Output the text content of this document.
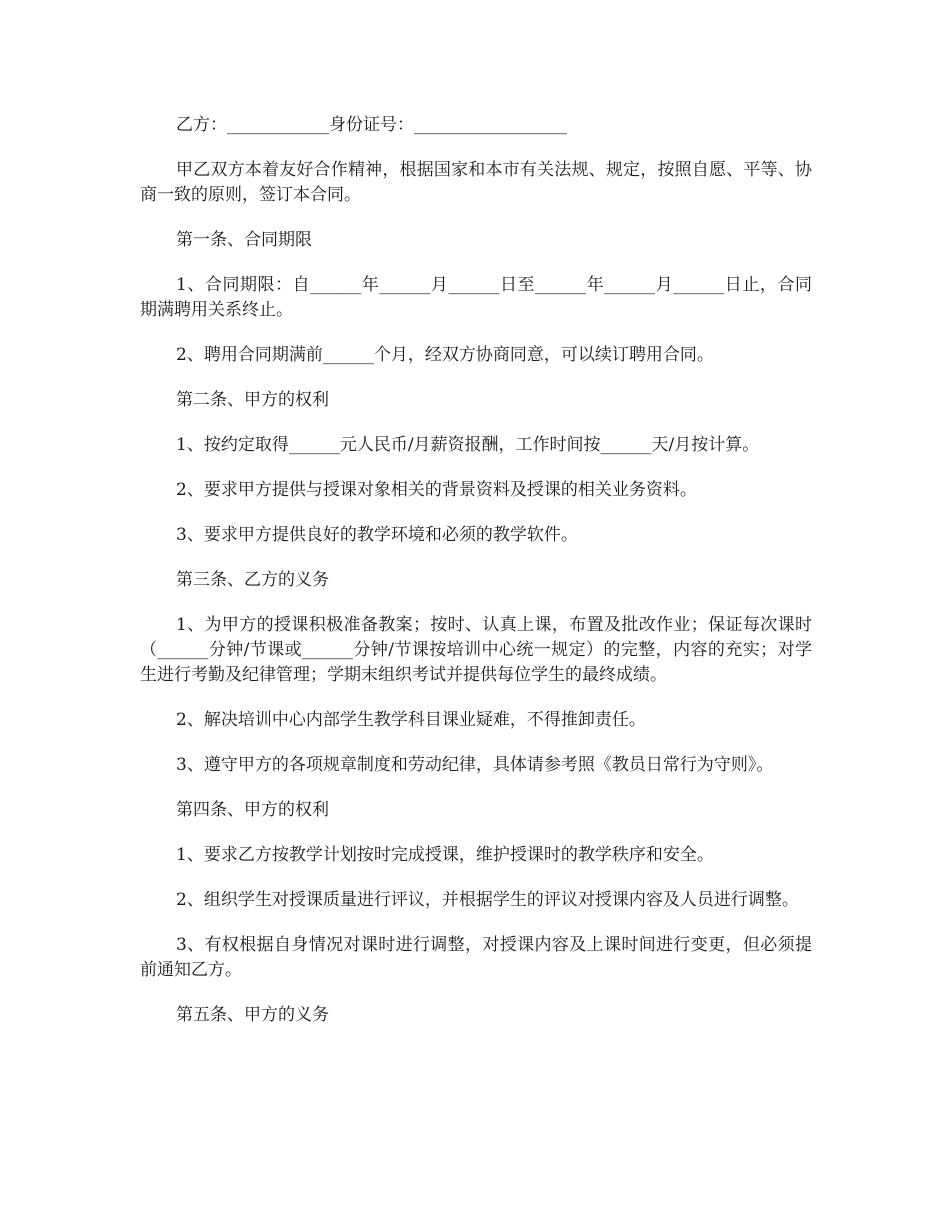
乙方：____________身份证号：__________________

甲乙双方本着友好合作精神，根据国家和本市有关法规、规定，按照自愿、平等、协商一致的原则，签订本合同。

第一条、合同期限

1、合同期限：自______年______月______日至______年______月______日止，合同期满聘用关系终止。

2、聘用合同期满前______个月，经双方协商同意，可以续订聘用合同。

第二条、甲方的权利

1、按约定取得______元人民币/月薪资报酬，工作时间按______天/月按计算。

2、要求甲方提供与授课对象相关的背景资料及授课的相关业务资料。

3、要求甲方提供良好的教学环境和必须的教学软件。

第三条、乙方的义务

1、为甲方的授课积极准备教案；按时、认真上课，布置及批改作业；保证每次课时（______分钟/节课或______分钟/节课按培训中心统一规定）的完整，内容的充实；对学生进行考勤及纪律管理；学期末组织考试并提供每位学生的最终成绩。

2、解决培训中心内部学生教学科目课业疑难，不得推卸责任。

3、遵守甲方的各项规章制度和劳动纪律，具体请参考照《教员日常行为守则》。

第四条、甲方的权利

1、要求乙方按教学计划按时完成授课，维护授课时的教学秩序和安全。

2、组织学生对授课质量进行评议，并根据学生的评议对授课内容及人员进行调整。

3、有权根据自身情况对课时进行调整，对授课内容及上课时间进行变更，但必须提前通知乙方。

第五条、甲方的义务
